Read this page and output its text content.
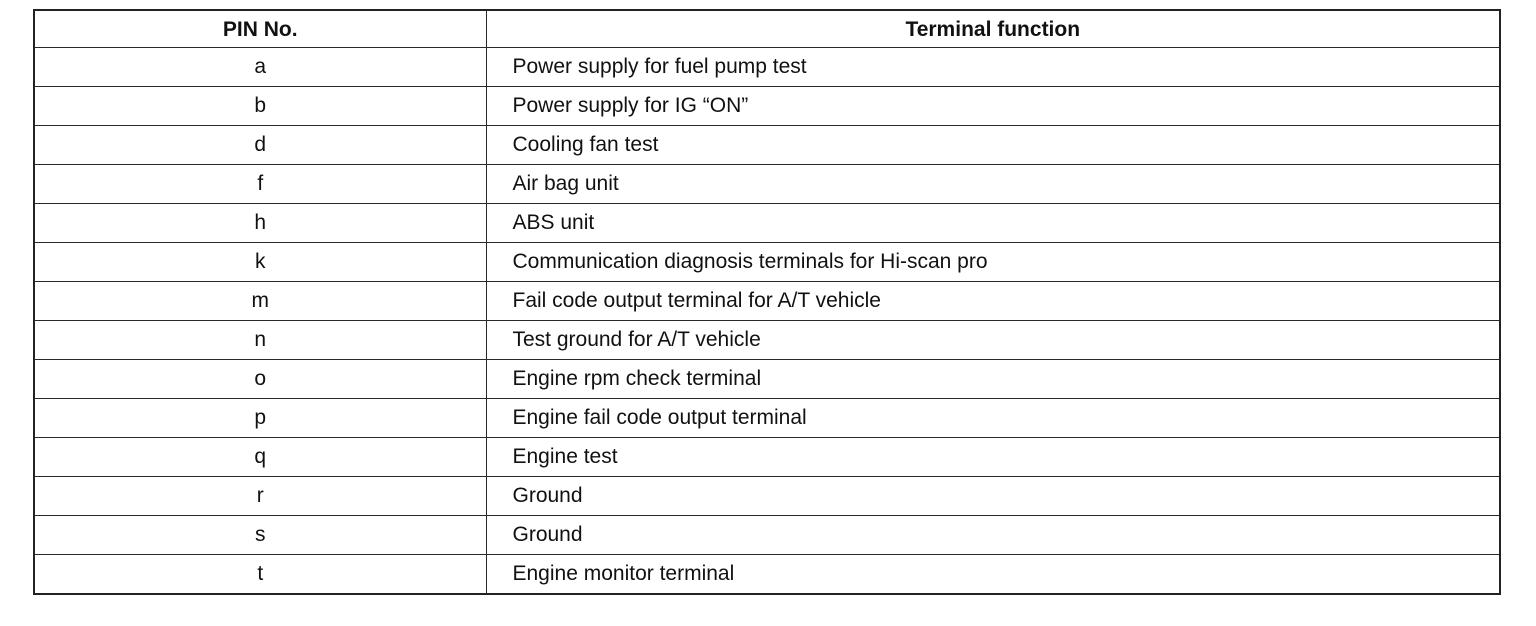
PIN No.	Terminal function
a	Power supply for fuel pump test
b	Power supply for IG “ON”
d	Cooling fan test
f	Air bag unit
h	ABS unit
k	Communication diagnosis terminals for Hi-scan pro
m	Fail code output terminal for A/T vehicle
n	Test ground for A/T vehicle
o	Engine rpm check terminal
p	Engine fail code output terminal
q	Engine test
r	Ground
s	Ground
t	Engine monitor terminal
